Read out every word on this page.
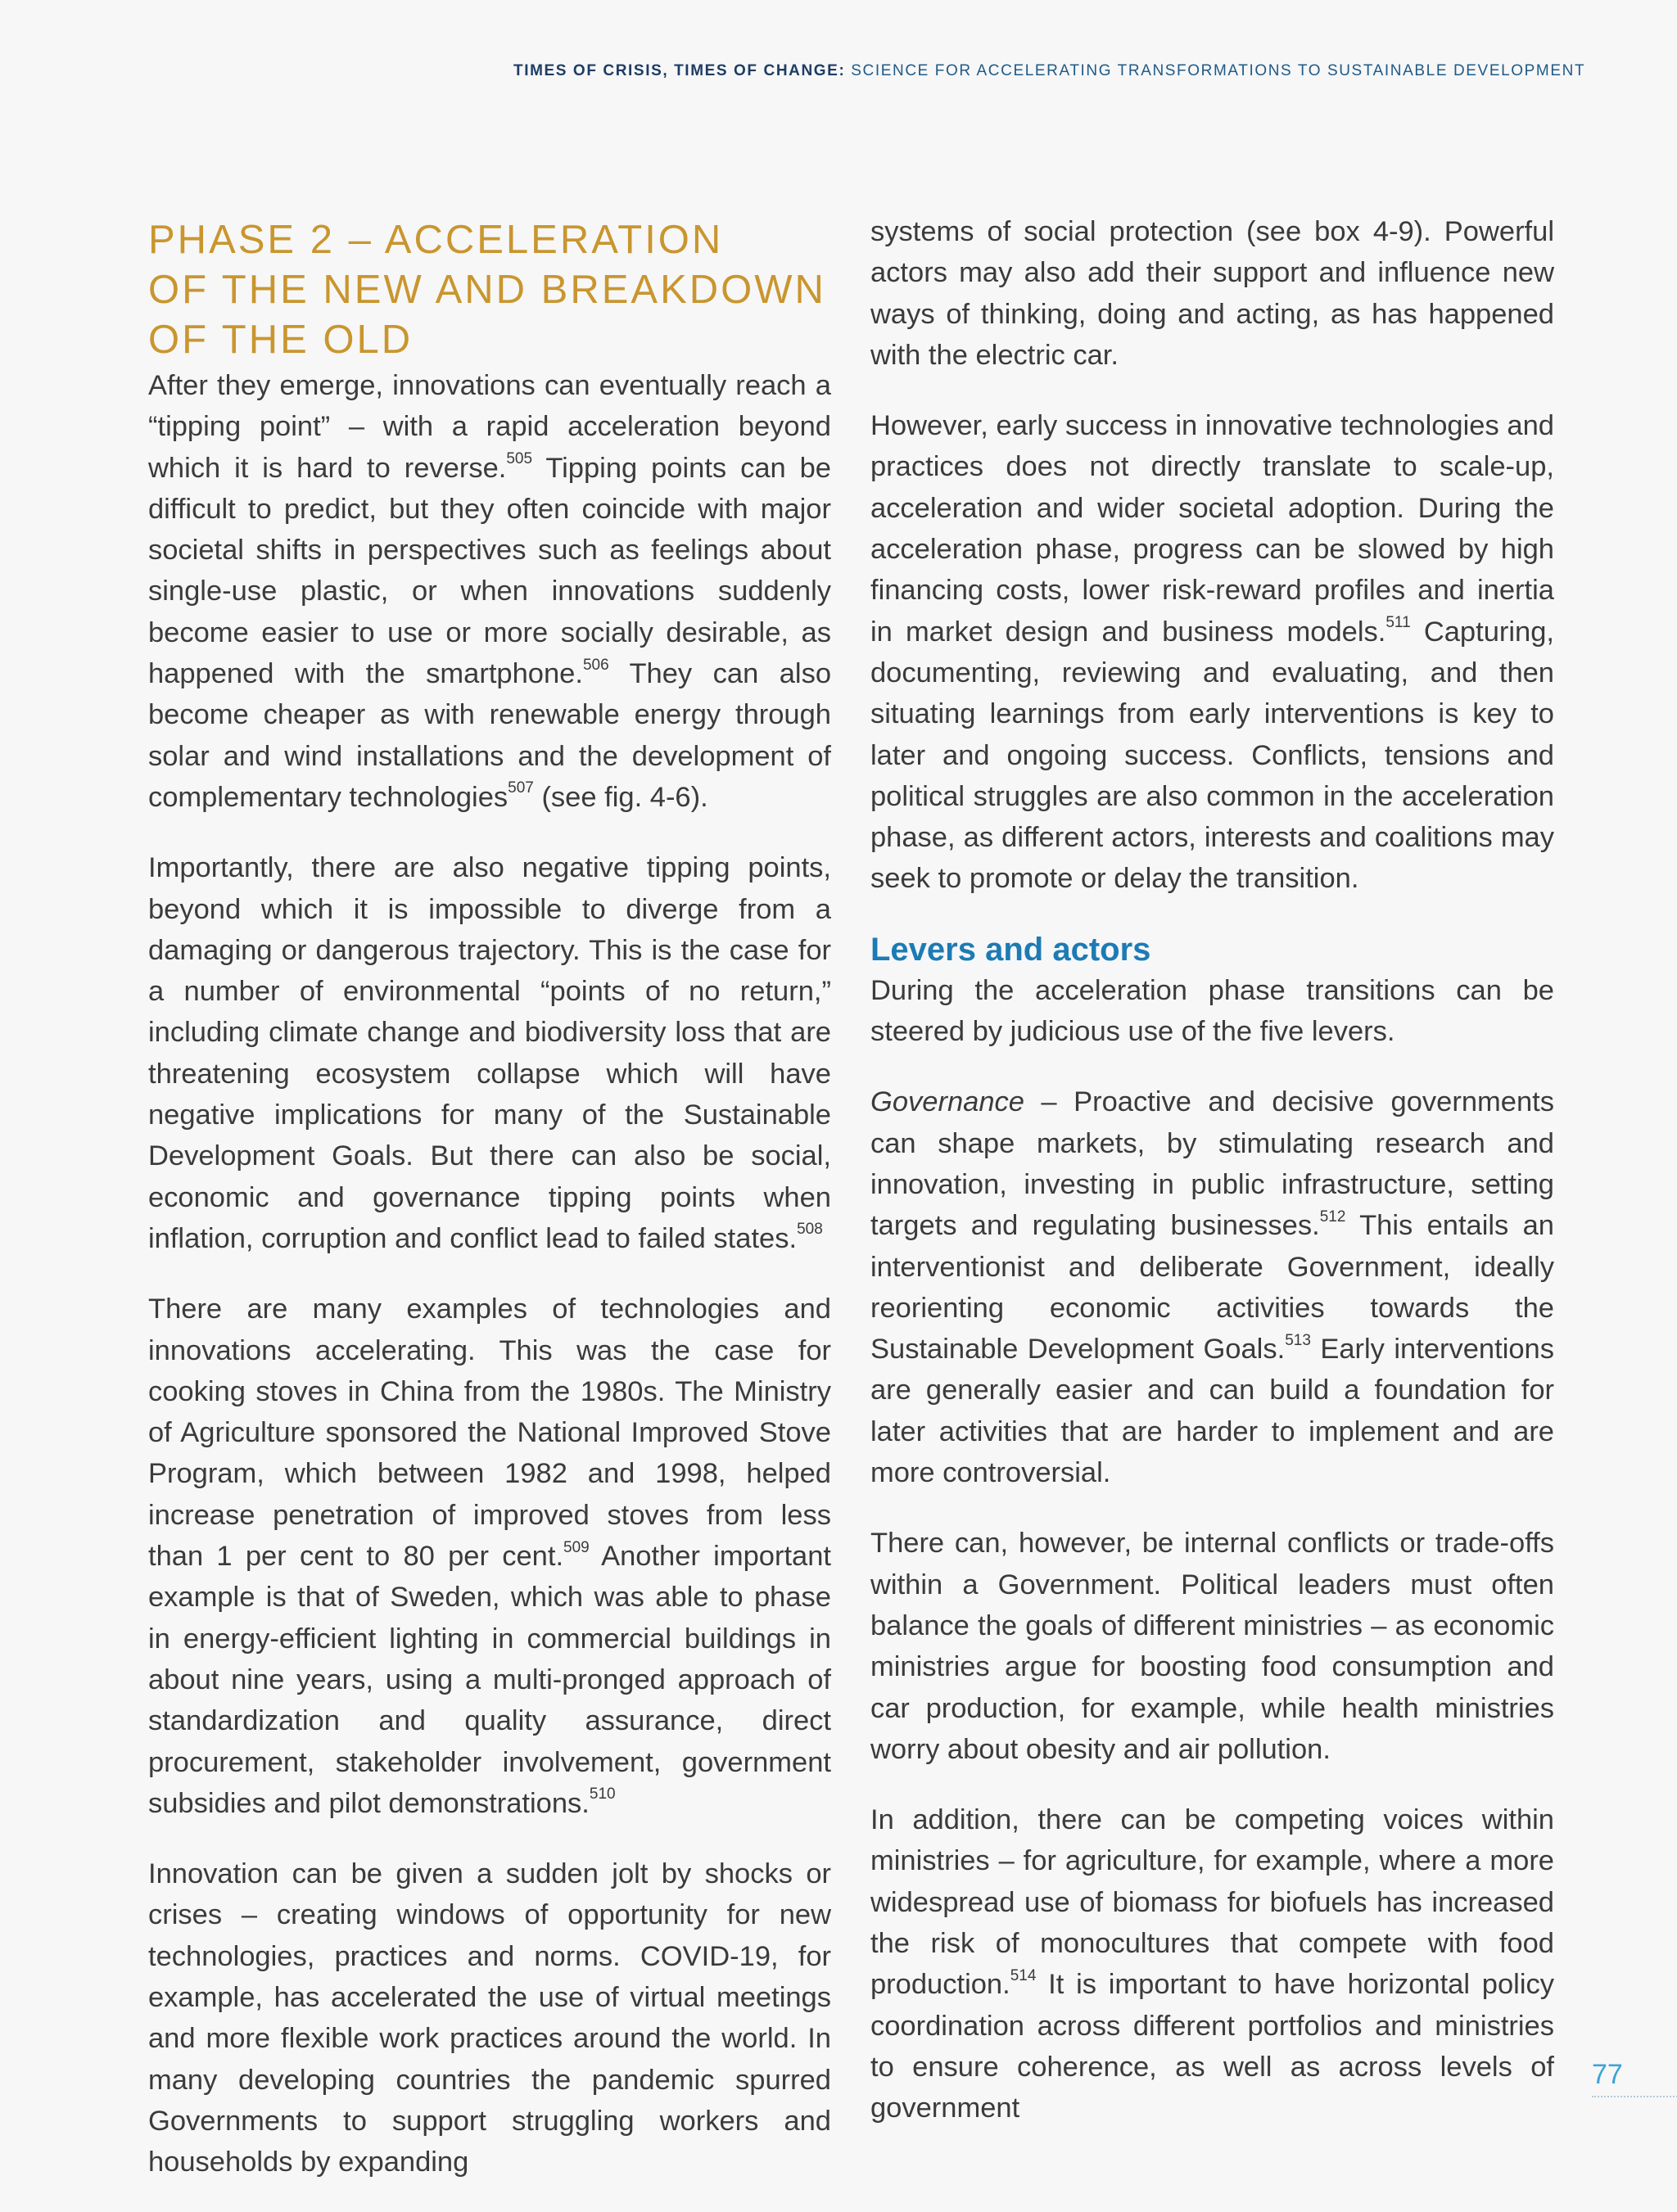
TIMES OF CRISIS, TIMES OF CHANGE: SCIENCE FOR ACCELERATING TRANSFORMATIONS TO SUSTAINABLE DEVELOPMENT
PHASE 2 – ACCELERATION
OF THE NEW AND BREAKDOWN
OF THE OLD

After they emerge, innovations can eventually reach a “tipping point” – with a rapid acceleration beyond which it is hard to reverse.$^{505}$ Tipping points can be difficult to predict, but they often coincide with major societal shifts in perspectives such as feelings about single-use plastic, or when innovations suddenly become easier to use or more socially desirable, as happened with the smartphone.$^{506}$ They can also become cheaper as with renewable energy through solar and wind installations and the development of complementary technologies$^{507}$ (see fig. 4-6).

Importantly, there are also negative tipping points, beyond which it is impossible to diverge from a damaging or dangerous trajectory. This is the case for a number of environmental “points of no return,” including climate change and biodiversity loss that are threatening ecosystem collapse which will have negative implications for many of the Sustainable Development Goals. But there can also be social, economic and governance tipping points when inflation, corruption and conflict lead to failed states.$^{508}$

There are many examples of technologies and innovations accelerating. This was the case for cooking stoves in China from the 1980s. The Ministry of Agriculture sponsored the National Improved Stove Program, which between 1982 and 1998, helped increase penetration of improved stoves from less than 1 per cent to 80 per cent.$^{509}$ Another important example is that of Sweden, which was able to phase in energy-efficient lighting in commercial buildings in about nine years, using a multi-pronged approach of standardization and quality assurance, direct procurement, stakeholder involvement, government subsidies and pilot demonstrations.$^{510}$

Innovation can be given a sudden jolt by shocks or crises – creating windows of opportunity for new technologies, practices and norms. COVID-19, for example, has accelerated the use of virtual meetings and more flexible work practices around the world. In many developing countries the pandemic spurred Governments to support struggling workers and households by expanding

systems of social protection (see box 4-9). Powerful actors may also add their support and influence new ways of thinking, doing and acting, as has happened with the electric car.

However, early success in innovative technologies and practices does not directly translate to scale-up, acceleration and wider societal adoption. During the acceleration phase, progress can be slowed by high financing costs, lower risk-reward profiles and inertia in market design and business models.$^{511}$ Capturing, documenting, reviewing and evaluating, and then situating learnings from early interventions is key to later and ongoing success. Conflicts, tensions and political struggles are also common in the acceleration phase, as different actors, interests and coalitions may seek to promote or delay the transition.

Levers and actors

During the acceleration phase transitions can be steered by judicious use of the five levers.

Governance – Proactive and decisive governments can shape markets, by stimulating research and innovation, investing in public infrastructure, setting targets and regulating businesses.$^{512}$ This entails an interventionist and deliberate Government, ideally reorienting economic activities towards the Sustainable Development Goals.$^{513}$ Early interventions are generally easier and can build a foundation for later activities that are harder to implement and are more controversial.

There can, however, be internal conflicts or trade-offs within a Government. Political leaders must often balance the goals of different ministries – as economic ministries argue for boosting food consumption and car production, for example, while health ministries worry about obesity and air pollution.

In addition, there can be competing voices within ministries – for agriculture, for example, where a more widespread use of biomass for biofuels has increased the risk of monocultures that compete with food production.$^{514}$ It is important to have horizontal policy coordination across different portfolios and ministries to ensure coherence, as well as across levels of government

77
